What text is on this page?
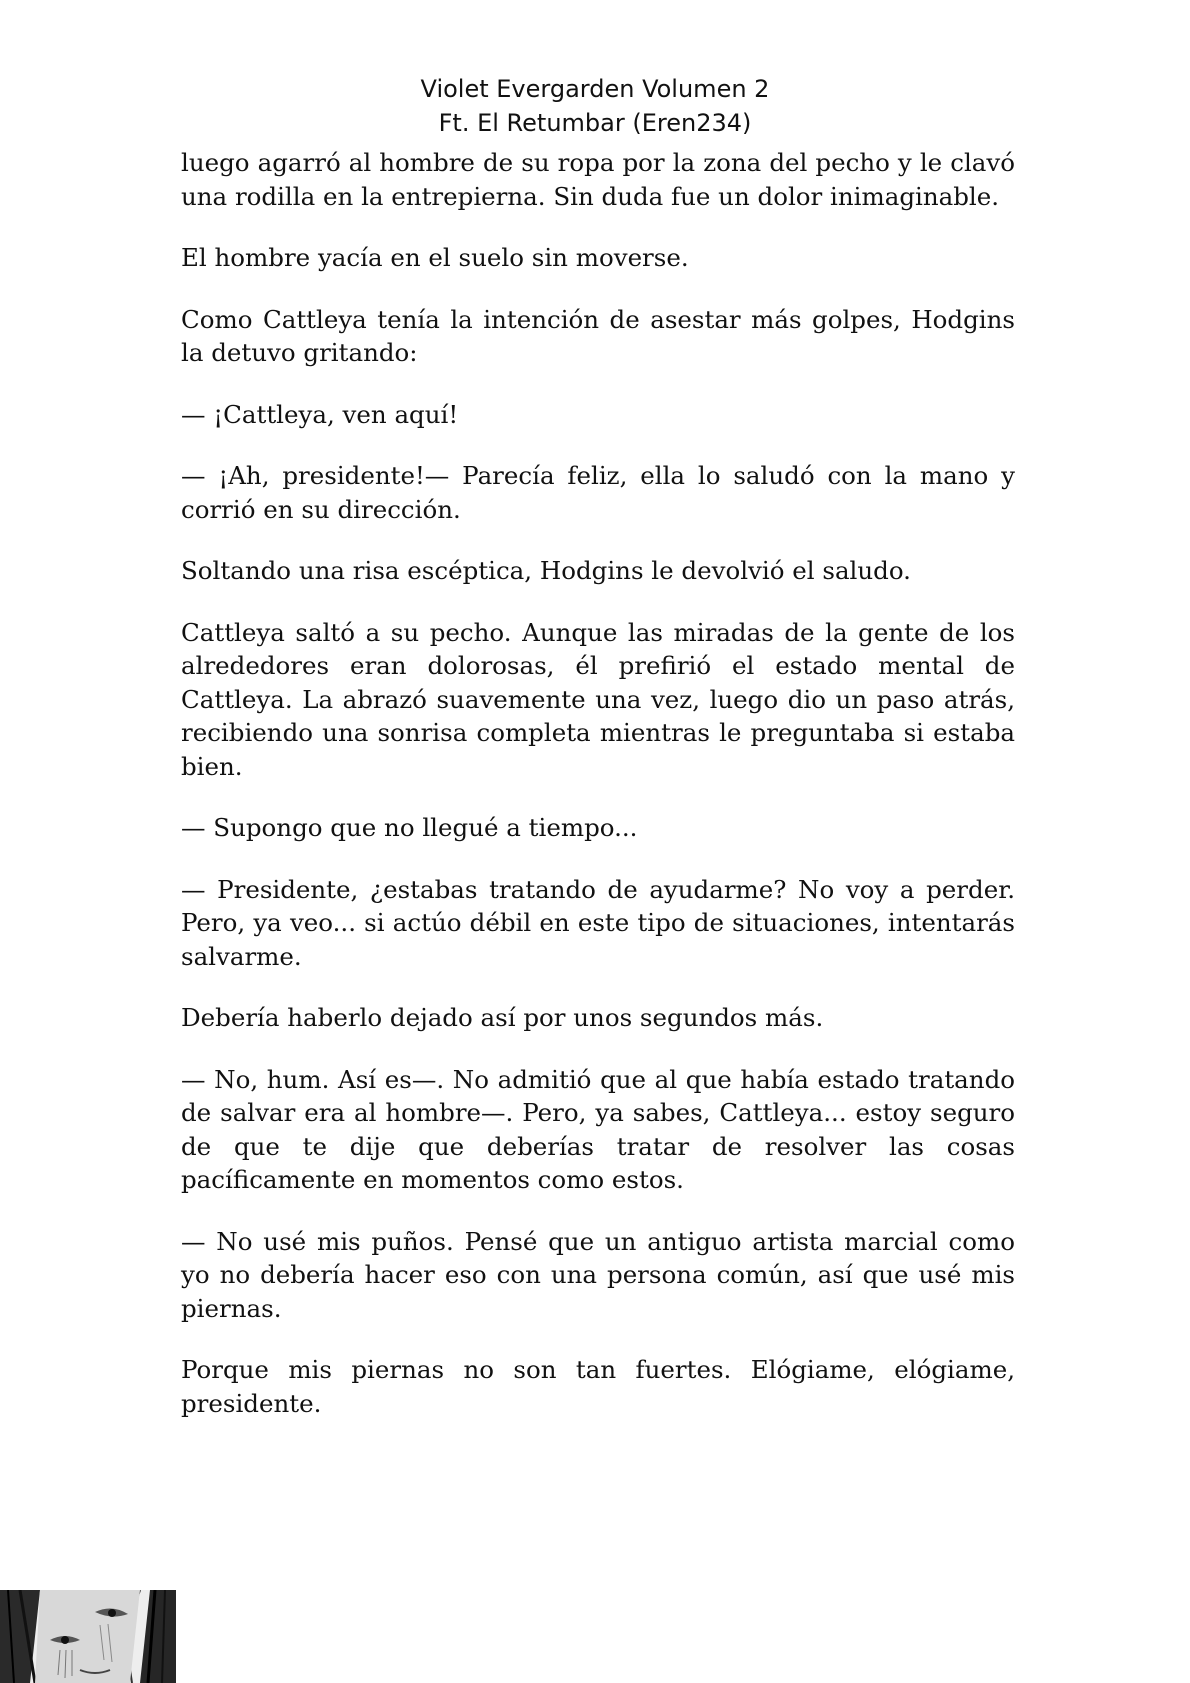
Violet Evergarden Volumen 2
Ft. El Retumbar (Eren234)

luego agarró al hombre de su ropa por la zona del pecho y le clavó una rodilla en la entrepierna. Sin duda fue un dolor inimaginable.

El hombre yacía en el suelo sin moverse.

Como Cattleya tenía la intención de asestar más golpes, Hodgins la detuvo gritando:

— ¡Cattleya, ven aquí!

— ¡Ah, presidente!— Parecía feliz, ella lo saludó con la mano y corrió en su dirección.

Soltando una risa escéptica, Hodgins le devolvió el saludo.

Cattleya saltó a su pecho. Aunque las miradas de la gente de los alrededores eran dolorosas, él prefirió el estado mental de Cattleya. La abrazó suavemente una vez, luego dio un paso atrás, recibiendo una sonrisa completa mientras le preguntaba si estaba bien.

— Supongo que no llegué a tiempo...

— Presidente, ¿estabas tratando de ayudarme? No voy a perder. Pero, ya veo... si actúo débil en este tipo de situaciones, intentarás salvarme.

Debería haberlo dejado así por unos segundos más.

— No, hum. Así es—. No admitió que al que había estado tratando de salvar era al hombre—. Pero, ya sabes, Cattleya... estoy seguro de que te dije que deberías tratar de resolver las cosas pacíficamente en momentos como estos.

— No usé mis puños. Pensé que un antiguo artista marcial como yo no debería hacer eso con una persona común, así que usé mis piernas.

Porque mis piernas no son tan fuertes. Elógiame, elógiame, presidente.
